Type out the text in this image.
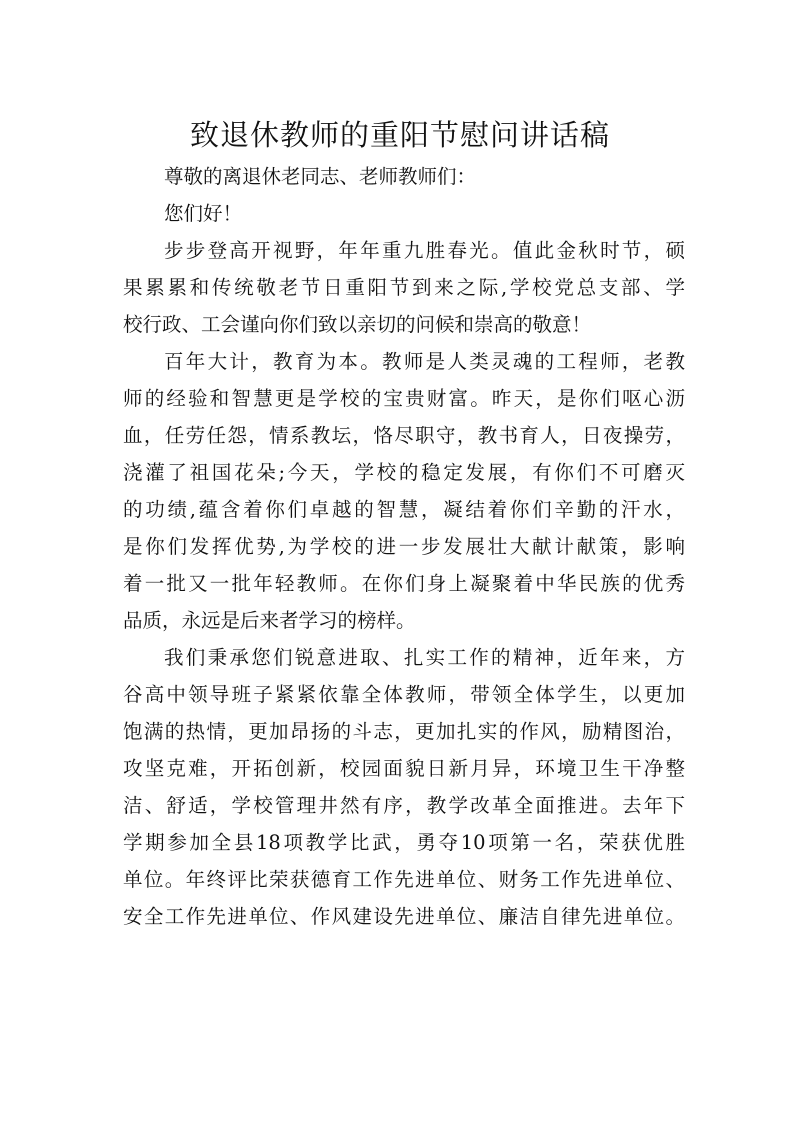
致退休教师的重阳节慰问讲话稿
尊敬的离退休老同志、老师教师们：
您们好！
步步登高开视野，年年重九胜春光。值此金秋时节，硕
果累累和传统敬老节日重阳节到来之际,学校党总支部、学
校行政、工会谨向你们致以亲切的问候和崇高的敬意！
百年大计，教育为本。教师是人类灵魂的工程师，老教
师的经验和智慧更是学校的宝贵财富。昨天，是你们呕心沥
血，任劳任怨，情系教坛，恪尽职守，教书育人，日夜操劳，
浇灌了祖国花朵;今天，学校的稳定发展，有你们不可磨灭
的功绩,蕴含着你们卓越的智慧，凝结着你们辛勤的汗水，
是你们发挥优势,为学校的进一步发展壮大献计献策，影响
着一批又一批年轻教师。在你们身上凝聚着中华民族的优秀
品质，永远是后来者学习的榜样。
我们秉承您们锐意进取、扎实工作的精神，近年来，方
谷高中领导班子紧紧依靠全体教师，带领全体学生，以更加
饱满的热情，更加昂扬的斗志，更加扎实的作风，励精图治，
攻坚克难，开拓创新，校园面貌日新月异，环境卫生干净整
洁、舒适，学校管理井然有序，教学改革全面推进。去年下
学期参加全县18项教学比武，勇夺10项第一名，荣获优胜
单位。年终评比荣获德育工作先进单位、财务工作先进单位、
安全工作先进单位、作风建设先进单位、廉洁自律先进单位。
